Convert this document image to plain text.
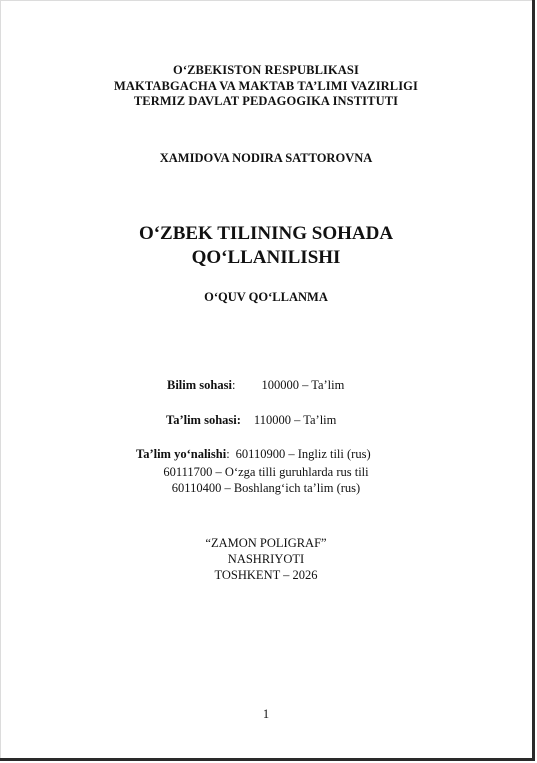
O‘ZBEKISTON RESPUBLIKASI
MAKTABGACHA VA MAKTAB TA’LIMI VAZIRLIGI
TERMIZ DAVLAT PEDAGOGIKA INSTITUTI
XAMIDOVA NODIRA SATTOROVNA
O‘ZBEK TILINING SOHADA
QO‘LLANILISHI
O‘QUV QO‘LLANMA
Bilim sohasi: 100000 – Ta’lim
Ta’lim sohasi: 110000 – Ta’lim
Ta’lim yo‘nalishi: 60110900 – Ingliz tili (rus)
60111700 – O‘zga tilli guruhlarda rus tili
60110400 – Boshlang‘ich ta’lim (rus)
“ZAMON POLIGRAF”
NASHRIYOTI
TOSHKENT – 2026
1
